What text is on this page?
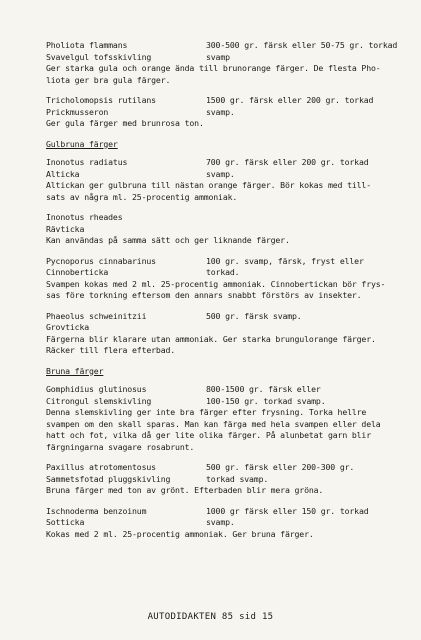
Pholiota flammans	300-500 gr. färsk eller 50-75 gr. torkad
Svavelgul tofsskivling	svamp
Ger starka gula och orange ända till brunorange färger. De flesta Pho-
liota ger bra gula färger.
Tricholomopsis rutilans	1500 gr. färsk eller 200 gr. torkad
Prickmusseron	svamp.
Ger gula färger med brunrosa ton.
Gulbruna färger
Inonotus radiatus	700 gr. färsk eller 200 gr. torkad
Alticka	svamp.
Altickan ger gulbruna till nästan orange färger. Bör kokas med till-
sats av några ml. 25-procentig ammoniak.
Inonotus rheades
Rävticka
Kan användas på samma sätt och ger liknande färger.
Pycnoporus cinnabarinus	100 gr. svamp, färsk, fryst eller
Cinnoberticka	torkad.
Svampen kokas med 2 ml. 25-procentig ammoniak. Cinnobertickan bör frys-
sas före torkning eftersom den annars snabbt förstörs av insekter.
Phaeolus schweinitzii	500 gr. färsk svamp.
Grovticka
Färgerna blir klarare utan ammoniak. Ger starka brungulorange färger.
Räcker till flera efterbad.
Bruna färger
Gomphidius glutinosus	800-1500 gr. färsk eller
Citrongul slemskivling	100-150 gr. torkad svamp.
Denna slemskivling ger inte bra färger efter frysning. Torka hellre
svampen om den skall sparas. Man kan färga med hela svampen eller dela
hatt och fot, vilka då ger lite olika färger. På alunbetat garn blir
färgningarna svagare rosabrunt.
Paxillus atrotomentosus	500 gr. färsk eller 200-300 gr.
Sammetsfotad pluggskivling	torkad svamp.
Bruna färger med ton av grönt. Efterbaden blir mera gröna.
Ischnoderma benzoinum	1000 gr färsk eller 150 gr. torkad
Sotticka	svamp.
Kokas med 2 ml. 25-procentig ammoniak. Ger bruna färger.
AUTODIDAKTEN 85 sid 15
